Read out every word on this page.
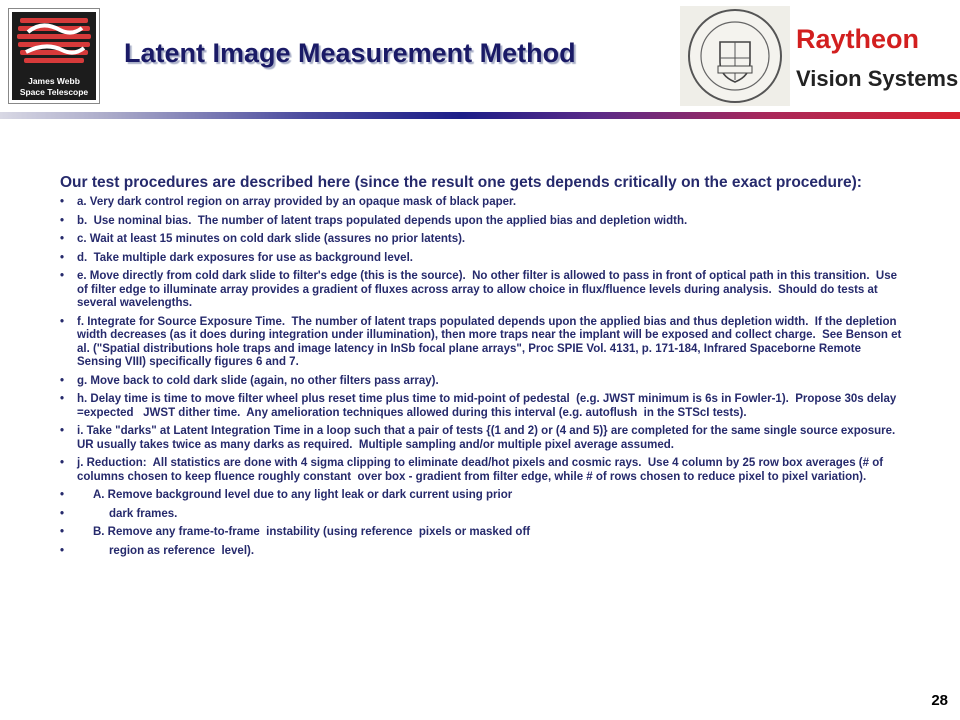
James Webb
Space Telescope
Latent Image Measurement Method	Raytheon
Vision Systems

Our test procedures are described here (since the result one gets depends critically on the exact procedure):

• a. Very dark control region on array provided by an opaque mask of black paper.
• b.  Use nominal bias.  The number of latent traps populated depends upon the applied bias and depletion width.
• c. Wait at least 15 minutes on cold dark slide (assures no prior latents).
• d.  Take multiple dark exposures for use as background level.
• e. Move directly from cold dark slide to filter's edge (this is the source).  No other filter is allowed to pass in front of optical path in this transition.  Use of filter edge to illuminate array provides a gradient of fluxes across array to allow choice in flux/fluence levels during analysis.  Should do tests at several wavelengths.
• f. Integrate for Source Exposure Time.  The number of latent traps populated depends upon the applied bias and thus depletion width.  If the depletion width decreases (as it does during integration under illumination), then more traps near the implant will be exposed and collect charge.  See Benson et al. ("Spatial distributions hole traps and image latency in InSb focal plane arrays", Proc SPIE Vol. 4131, p. 171-184, Infrared Spaceborne Remote Sensing VIII) specifically figures 6 and 7.
• g. Move back to cold dark slide (again, no other filters pass array).
• h. Delay time is time to move filter wheel plus reset time plus time to mid-point of pedestal  (e.g. JWST minimum is 6s in Fowler-1).  Propose 30s delay =expected   JWST dither time.  Any amelioration techniques allowed during this interval (e.g. autoflush  in the STScI tests).
• i. Take "darks" at Latent Integration Time in a loop such that a pair of tests {(1 and 2) or (4 and 5)} are completed for the same single source exposure.  UR usually takes twice as many darks as required.  Multiple sampling and/or multiple pixel average assumed.
• j. Reduction:  All statistics are done with 4 sigma clipping to eliminate dead/hot pixels and cosmic rays.  Use 4 column by 25 row box averages (# of columns chosen to keep fluence roughly constant  over box - gradient from filter edge, while # of rows chosen to reduce pixel to pixel variation).
• A. Remove background level due to any light leak or dark current using prior
• dark frames.
• B. Remove any frame-to-frame  instability (using reference  pixels or masked off
• region as reference  level).
28
